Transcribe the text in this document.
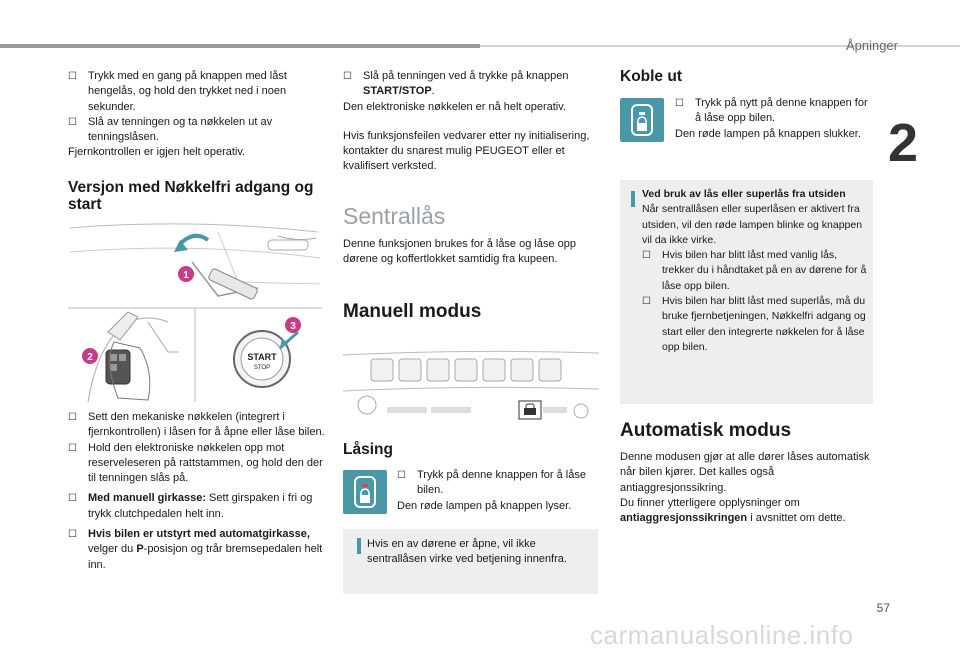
Åpninger
2
57
carmanualsonline.info
☐	Trykk med en gang på knappen med låst hengelås, og hold den trykket ned i noen sekunder.
☐	Slå av tenningen og ta nøkkelen ut av tenningslåsen.
Fjernkontrollen er igjen helt operativ.
Versjon med Nøkkelfri adgang og start
1
2	START
STOP
3
☐	Sett den mekaniske nøkkelen (integrert i fjernkontrollen) i låsen for å åpne eller låse bilen.
☐	Hold den elektroniske nøkkelen opp mot reserveleseren på rattstammen, og hold den der til tenningen slås på.
☐	Med manuell girkasse: Sett girspaken i fri og trykk clutchpedalen helt inn.
☐	Hvis bilen er utstyrt med automatgirkasse, velger du P-posisjon og trår bremsepedalen helt inn.
☐	Slå på tenningen ved å trykke på knappen START/STOP.
Den elektroniske nøkkelen er nå helt operativ.
Hvis funksjonsfeilen vedvarer etter ny initialisering, kontakter du snarest mulig PEUGEOT eller et kvalifisert verksted.
Sentrallås
Denne funksjonen brukes for å låse og låse opp dørene og koffertlokket samtidig fra kupeen.
Manuell modus
Låsing
☐	Trykk på denne knappen for å låse bilen.
Den røde lampen på knappen lyser.
Hvis en av dørene er åpne, vil ikke sentrallåsen virke ved betjening innenfra.
Koble ut
☐	Trykk på nytt på denne knappen for å låse opp bilen.
Den røde lampen på knappen slukker.
Ved bruk av lås eller superlås fra utsiden
Når sentrallåsen eller superlåsen er aktivert fra utsiden, vil den røde lampen blinke og knappen vil da ikke virke.
☐	Hvis bilen har blitt låst med vanlig lås, trekker du i håndtaket på en av dørene for å låse opp bilen.
☐	Hvis bilen har blitt låst med superlås, må du bruke fjernbetjeningen, Nøkkelfri adgang og start eller den integrerte nøkkelen for å låse opp bilen.
Automatisk modus
Denne modusen gjør at alle dører låses automatisk når bilen kjører. Det kalles også antiaggresjonssikring.
Du finner ytterligere opplysninger om antiaggresjonssikringen i avsnittet om dette.
